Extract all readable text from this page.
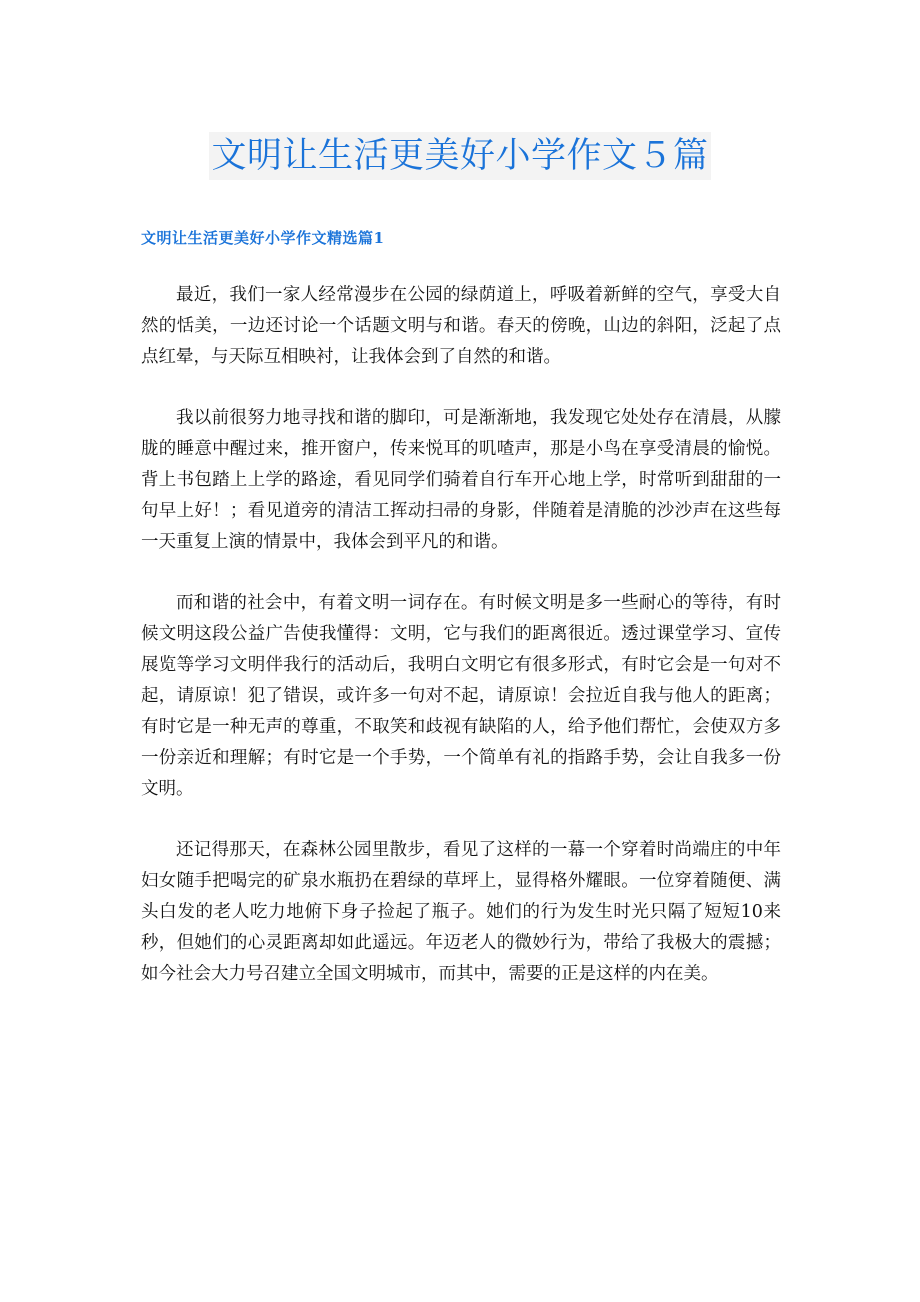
文明让生活更美好小学作文５篇
文明让生活更美好小学作文精选篇1

最近，我们一家人经常漫步在公园的绿荫道上，呼吸着新鲜的空气，享受大自然的恬美，一边还讨论一个话题文明与和谐。春天的傍晚，山边的斜阳，泛起了点点红晕，与天际互相映衬，让我体会到了自然的和谐。

我以前很努力地寻找和谐的脚印，可是渐渐地，我发现它处处存在清晨，从朦胧的睡意中醒过来，推开窗户，传来悦耳的叽喳声，那是小鸟在享受清晨的愉悦。背上书包踏上上学的路途，看见同学们骑着自行车开心地上学，时常听到甜甜的一句早上好！；看见道旁的清洁工挥动扫帚的身影，伴随着是清脆的沙沙声在这些每一天重复上演的情景中，我体会到平凡的和谐。

而和谐的社会中，有着文明一词存在。有时候文明是多一些耐心的等待，有时候文明这段公益广告使我懂得：文明，它与我们的距离很近。透过课堂学习、宣传展览等学习文明伴我行的活动后，我明白文明它有很多形式，有时它会是一句对不起，请原谅！犯了错误，或许多一句对不起，请原谅！会拉近自我与他人的距离；有时它是一种无声的尊重，不取笑和歧视有缺陷的人，给予他们帮忙，会使双方多一份亲近和理解；有时它是一个手势，一个简单有礼的指路手势，会让自我多一份文明。

还记得那天，在森林公园里散步，看见了这样的一幕一个穿着时尚端庄的中年妇女随手把喝完的矿泉水瓶扔在碧绿的草坪上，显得格外耀眼。一位穿着随便、满头白发的老人吃力地俯下身子捡起了瓶子。她们的行为发生时光只隔了短短10来秒，但她们的心灵距离却如此遥远。年迈老人的微妙行为，带给了我极大的震撼；如今社会大力号召建立全国文明城市，而其中，需要的正是这样的内在美。
